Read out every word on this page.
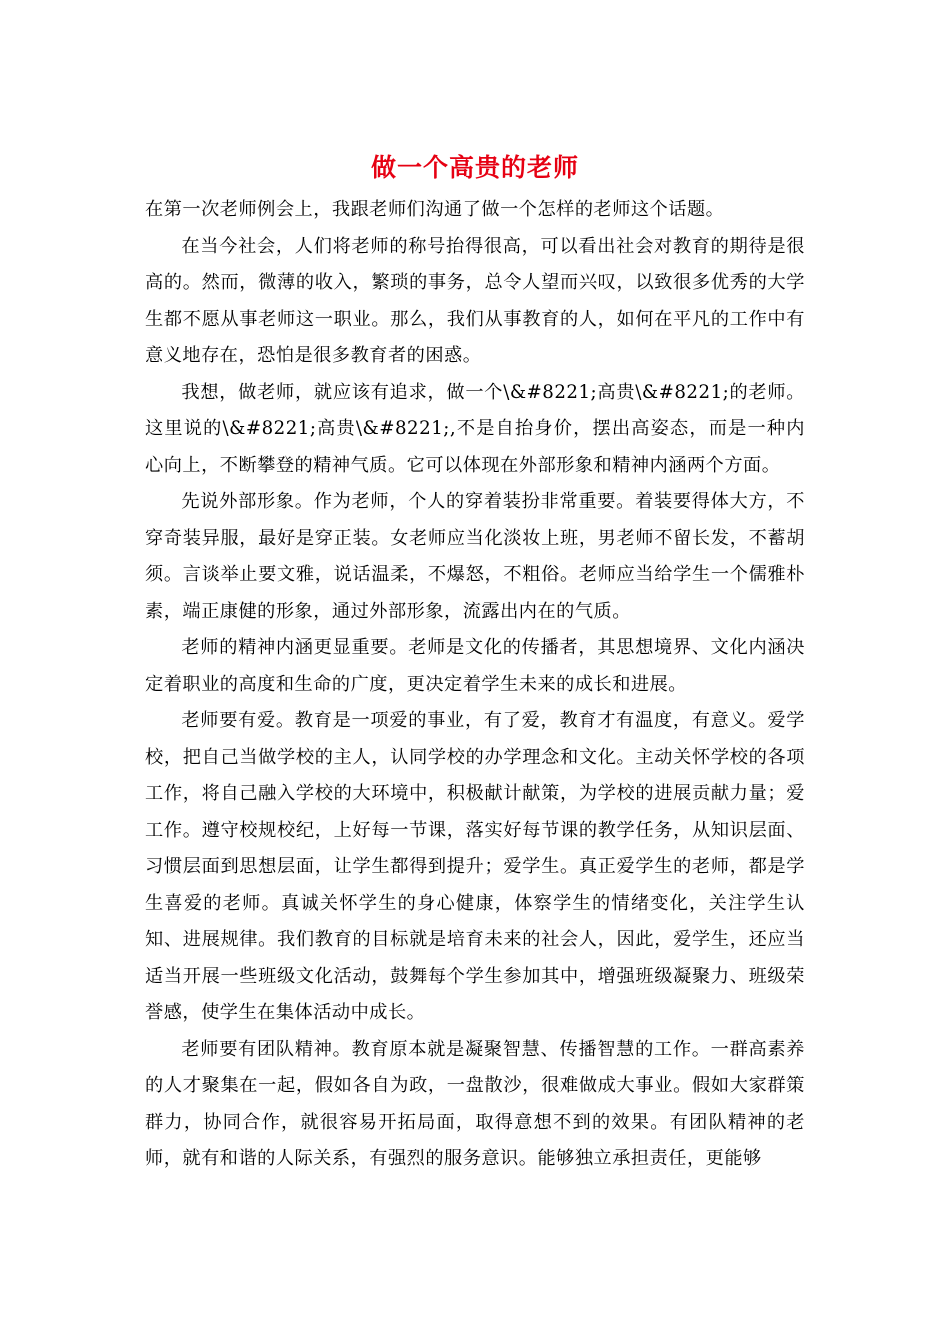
做一个高贵的老师

在第一次老师例会上，我跟老师们沟通了做一个怎样的老师这个话题。

在当今社会，人们将老师的称号抬得很高，可以看出社会对教育的期待是很高的。然而，微薄的收入，繁琐的事务，总令人望而兴叹，以致很多优秀的大学生都不愿从事老师这一职业。那么，我们从事教育的人，如何在平凡的工作中有意义地存在，恐怕是很多教育者的困惑。

我想，做老师，就应该有追求，做一个\&#8221;高贵\&#8221;的老师。这里说的\&#8221;高贵\&#8221;,不是自抬身价，摆出高姿态，而是一种内心向上，不断攀登的精神气质。它可以体现在外部形象和精神内涵两个方面。

先说外部形象。作为老师，个人的穿着装扮非常重要。着装要得体大方，不穿奇装异服，最好是穿正装。女老师应当化淡妆上班，男老师不留长发，不蓄胡须。言谈举止要文雅，说话温柔，不爆怒，不粗俗。老师应当给学生一个儒雅朴素，端正康健的形象，通过外部形象，流露出内在的气质。

老师的精神内涵更显重要。老师是文化的传播者，其思想境界、文化内涵决定着职业的高度和生命的广度，更决定着学生未来的成长和进展。

老师要有爱。教育是一项爱的事业，有了爱，教育才有温度，有意义。爱学校，把自己当做学校的主人，认同学校的办学理念和文化。主动关怀学校的各项工作，将自己融入学校的大环境中，积极献计献策，为学校的进展贡献力量；爱工作。遵守校规校纪，上好每一节课，落实好每节课的教学任务，从知识层面、习惯层面到思想层面，让学生都得到提升；爱学生。真正爱学生的老师，都是学生喜爱的老师。真诚关怀学生的身心健康，体察学生的情绪变化，关注学生认知、进展规律。我们教育的目标就是培育未来的社会人，因此，爱学生，还应当适当开展一些班级文化活动，鼓舞每个学生参加其中，增强班级凝聚力、班级荣誉感，使学生在集体活动中成长。

老师要有团队精神。教育原本就是凝聚智慧、传播智慧的工作。一群高素养的人才聚集在一起，假如各自为政，一盘散沙，很难做成大事业。假如大家群策群力，协同合作，就很容易开拓局面，取得意想不到的效果。有团队精神的老师，就有和谐的人际关系，有强烈的服务意识。能够独立承担责任，更能够
